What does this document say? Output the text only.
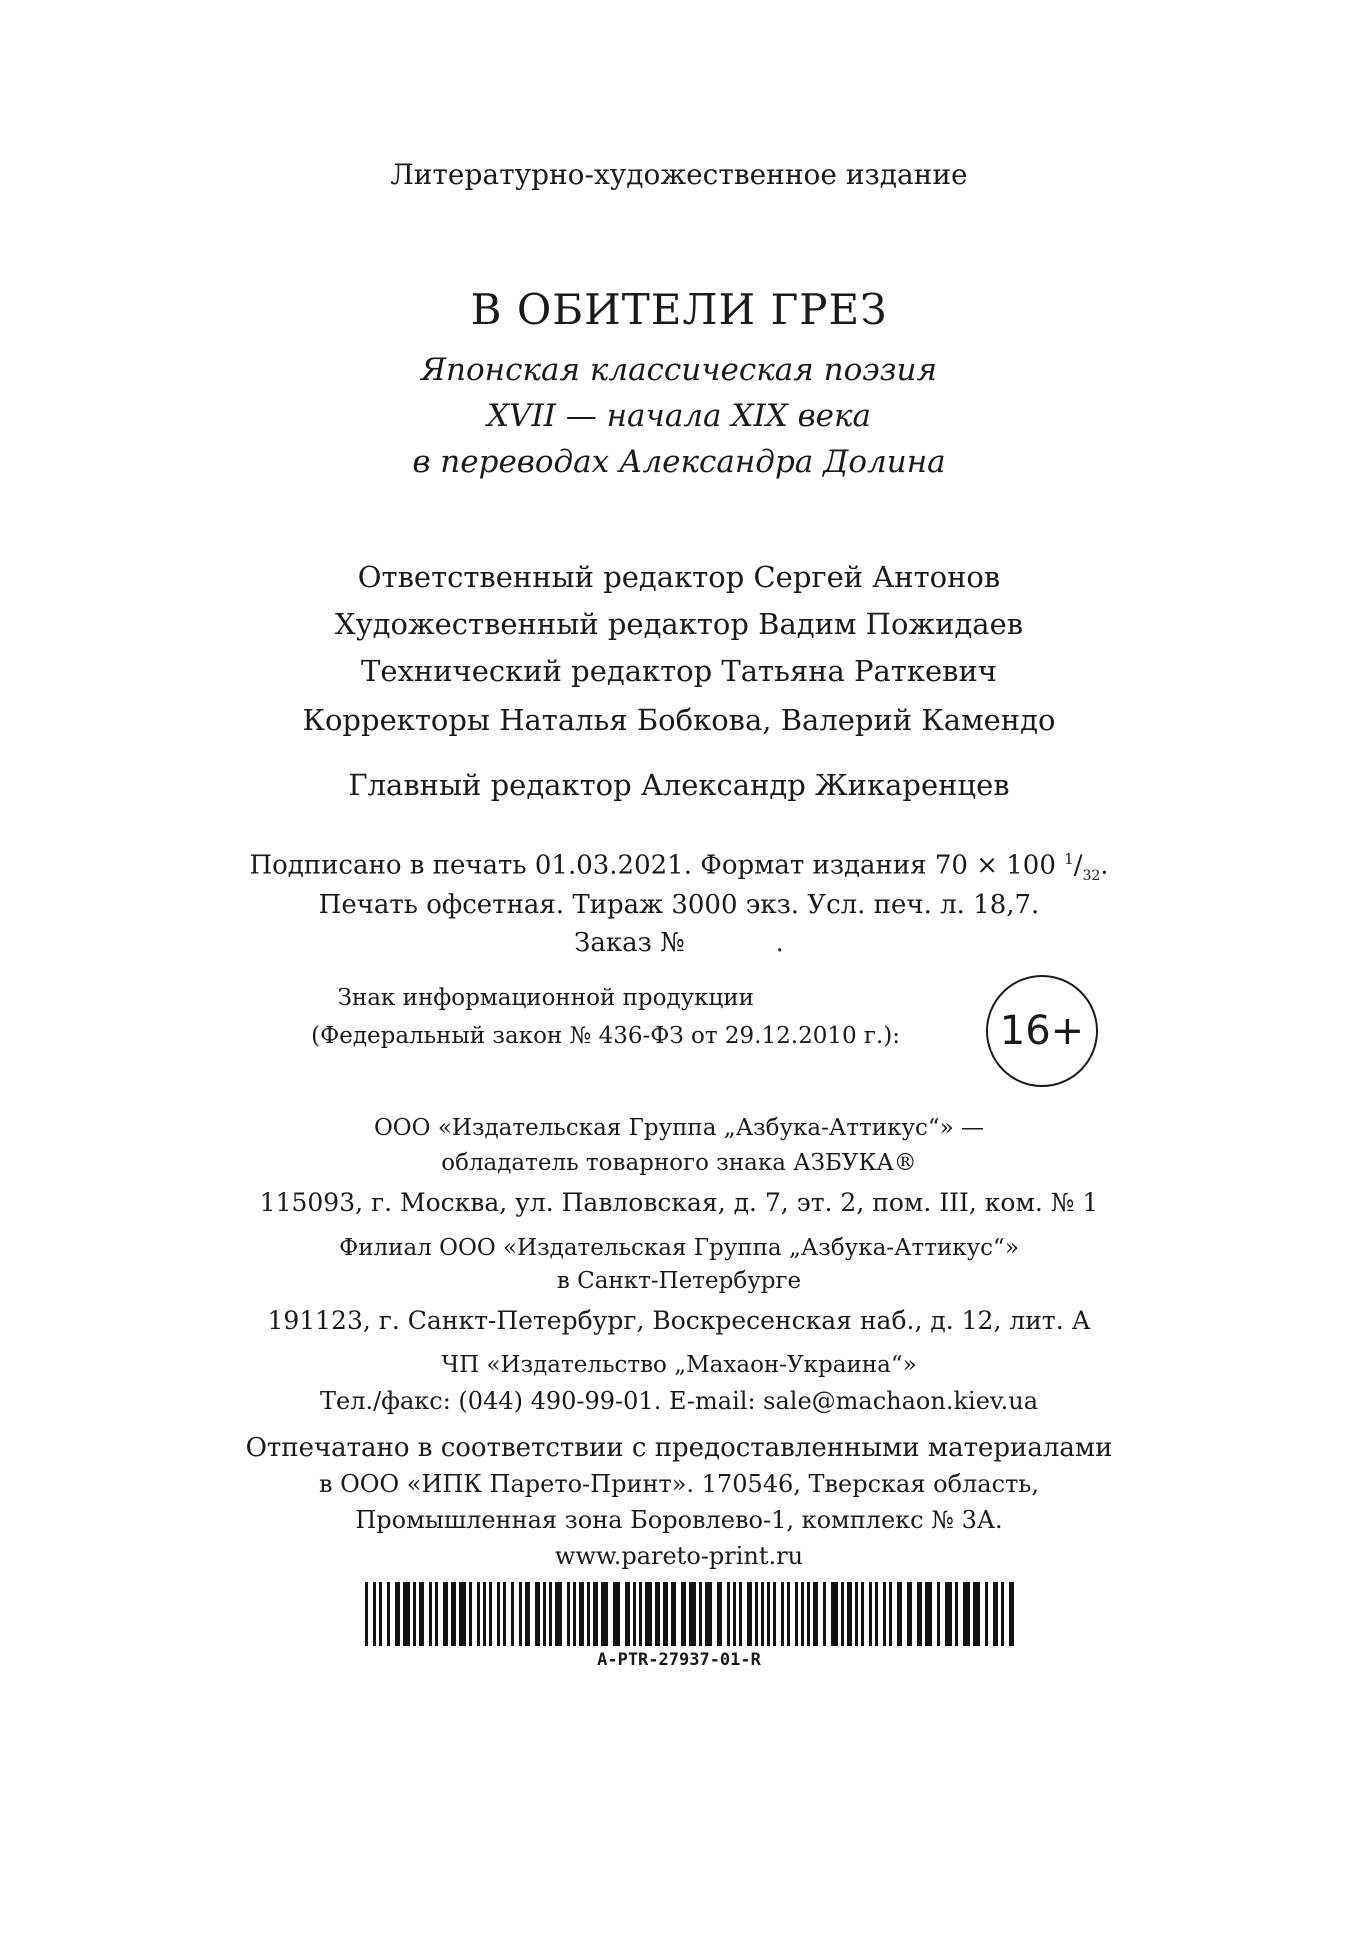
Литературно-художественное издание
В ОБИТЕЛИ ГРЕЗ
Японская классическая поэзия
XVII — начала XIX века
в переводах Александра Долина
Ответственный редактор Сергей Антонов
Художественный редактор Вадим Пожидаев
Технический редактор Татьяна Раткевич
Корректоры Наталья Бобкова, Валерий Камендо
Главный редактор Александр Жикаренцев
Подписано в печать 01.03.2021. Формат издания 70 × 100 $^1/_{32}$.
Печать офсетная. Тираж 3000 экз. Усл. печ. л. 18,7.
Заказ №           .
Знак информационной продукции
(Федеральный закон № 436-ФЗ от 29.12.2010 г.):	16+
ООО «Издательская Группа „Азбука-Аттикус“» —
обладатель товарного знака АЗБУКА®
115093, г. Москва, ул. Павловская, д. 7, эт. 2, пом. III, ком. № 1
Филиал ООО «Издательская Группа „Азбука-Аттикус“»
в Санкт-Петербурге
191123, г. Санкт-Петербург, Воскресенская наб., д. 12, лит. А
ЧП «Издательство „Махаон-Украина“»
Тел./факс: (044) 490-99-01. E-mail: sale@machaon.kiev.ua
Отпечатано в соответствии с предоставленными материалами
в ООО «ИПК Парето-Принт». 170546, Тверская область,
Промышленная зона Боровлево-1, комплекс № 3А.
www.pareto-print.ru
A-PTR-27937-01-R
